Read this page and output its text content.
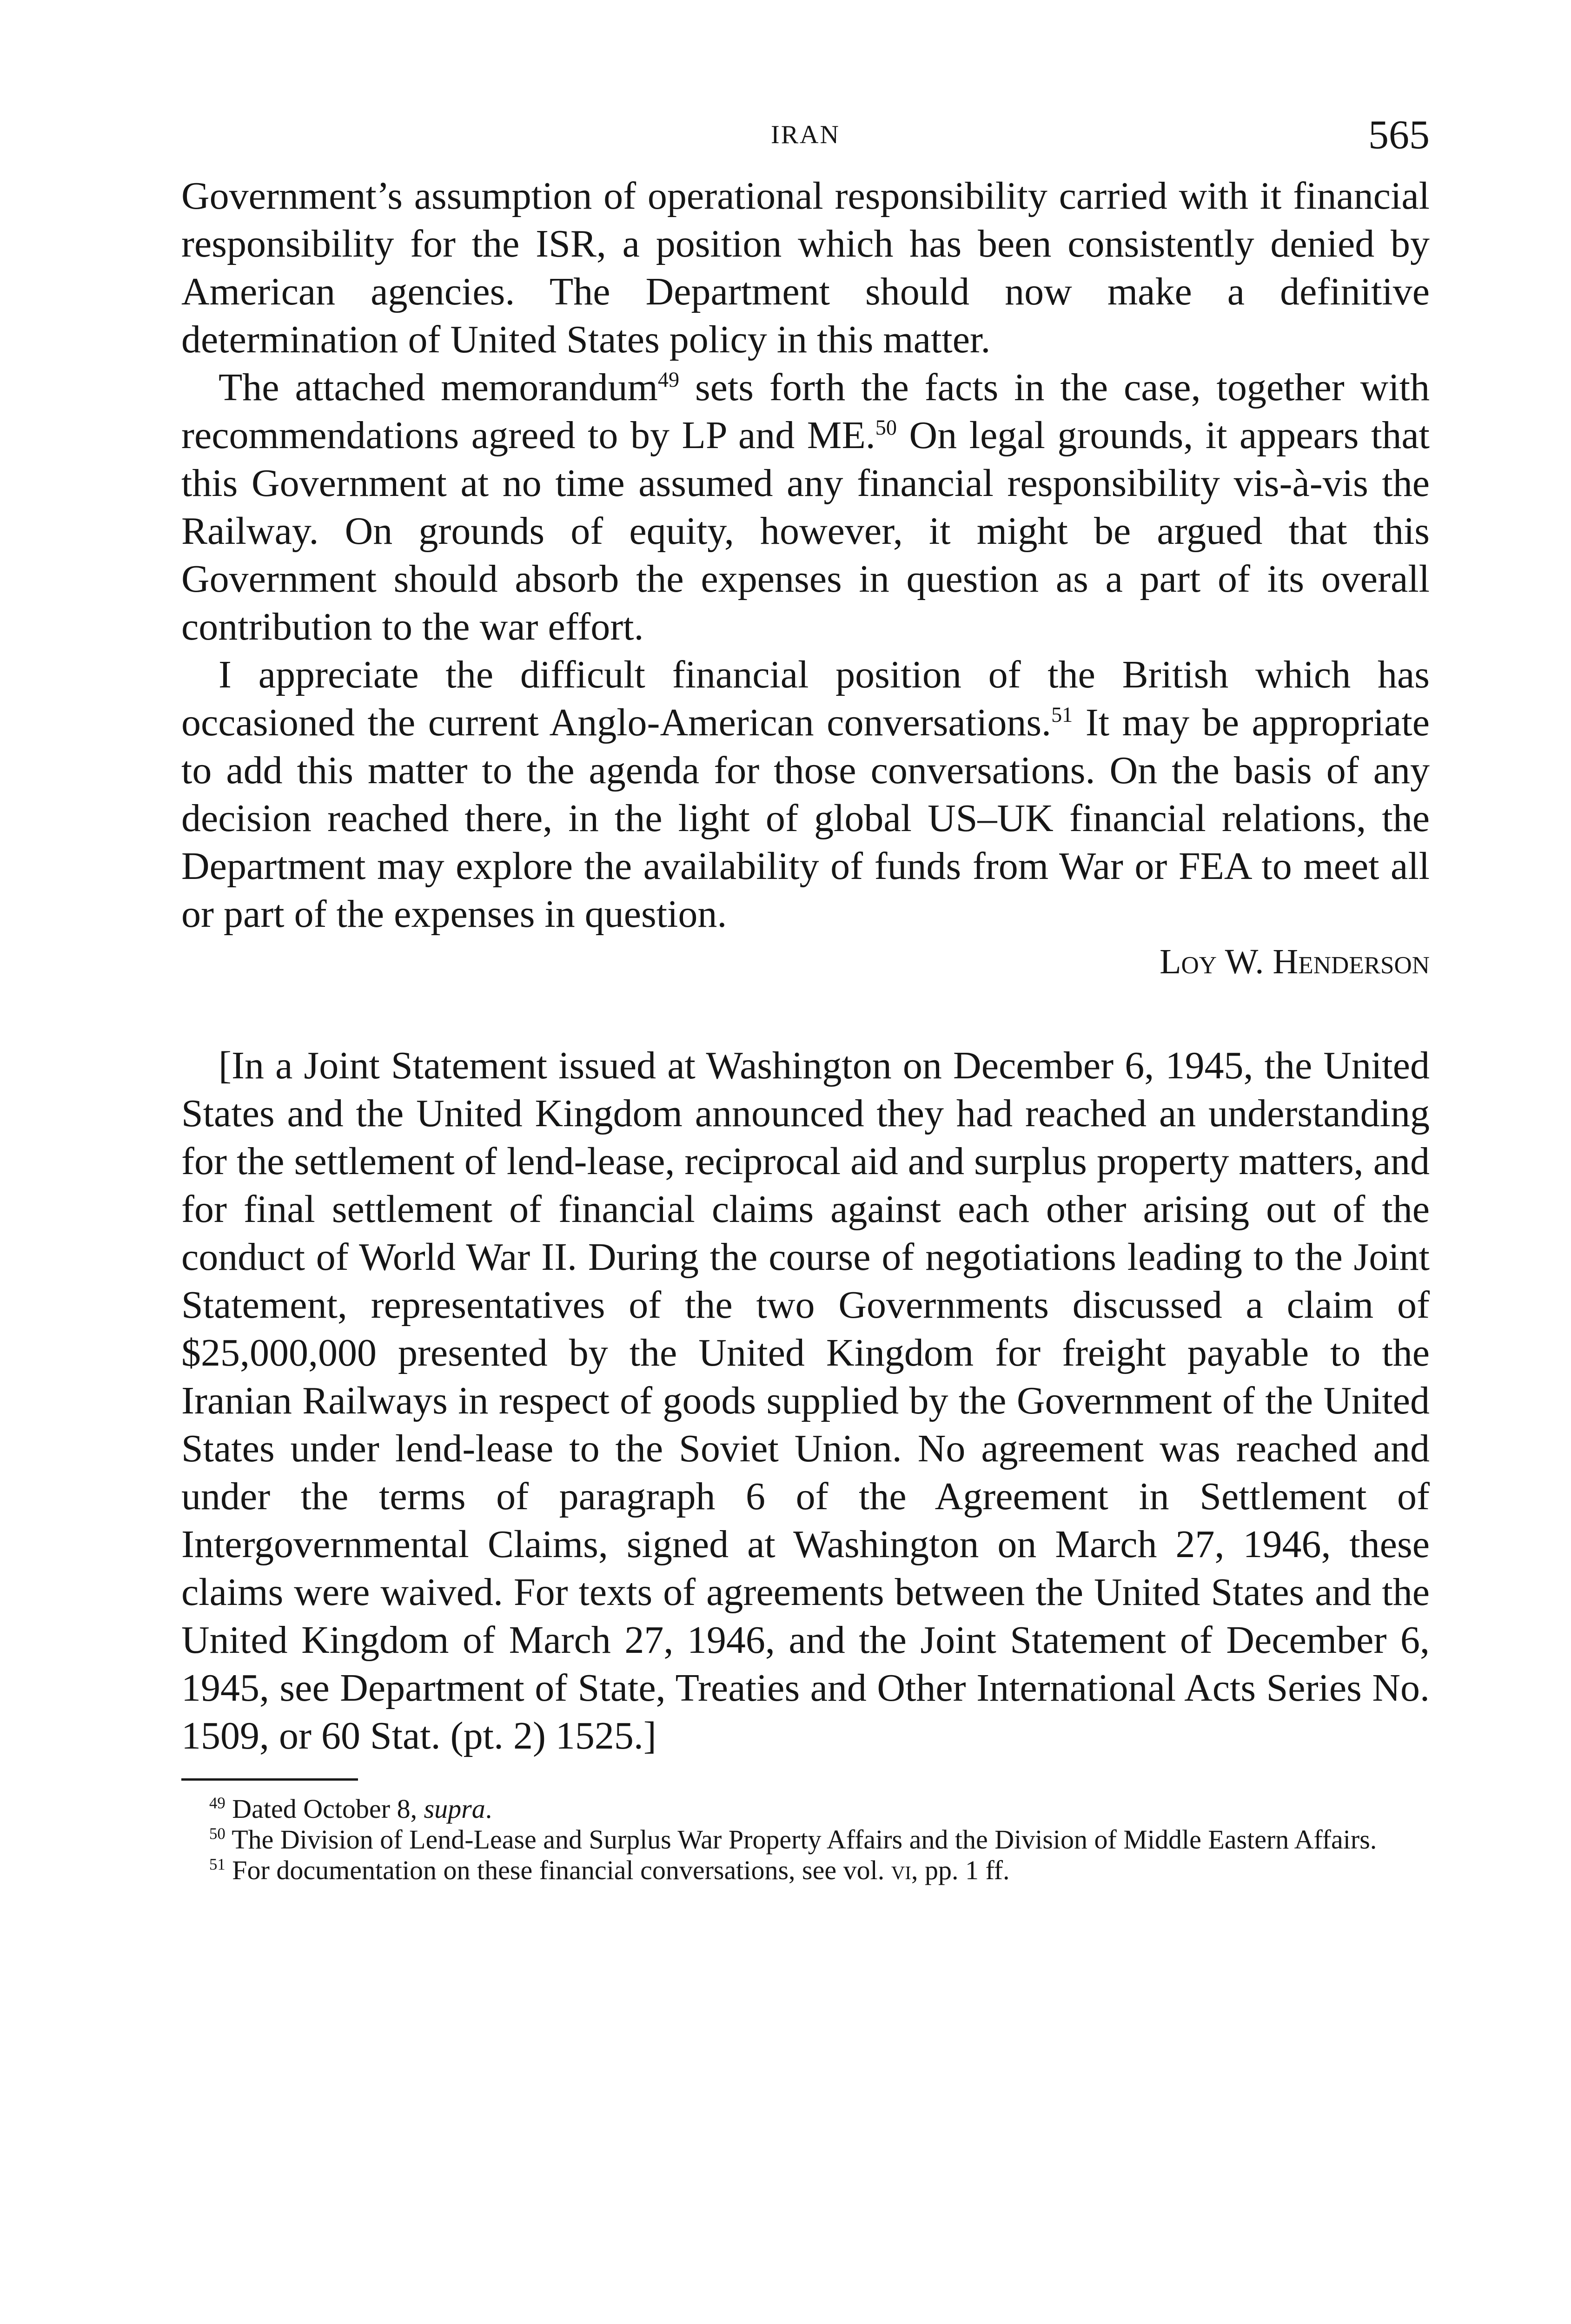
IRAN	565

Government’s assumption of operational responsibility carried with it financial responsibility for the ISR, a position which has been consistently denied by American agencies. The Department should now make a definitive determination of United States policy in this matter.

The attached memorandum$^{49}$ sets forth the facts in the case, together with recommendations agreed to by LP and ME.$^{50}$ On legal grounds, it appears that this Government at no time assumed any financial responsibility vis-à-vis the Railway. On grounds of equity, however, it might be argued that this Government should absorb the expenses in question as a part of its overall contribution to the war effort.

I appreciate the difficult financial position of the British which has occasioned the current Anglo-American conversations.$^{51}$ It may be appropriate to add this matter to the agenda for those conversations. On the basis of any decision reached there, in the light of global US–UK financial relations, the Department may explore the availability of funds from War or FEA to meet all or part of the expenses in question.

Loy W. Henderson

[In a Joint Statement issued at Washington on December 6, 1945, the United States and the United Kingdom announced they had reached an understanding for the settlement of lend-lease, reciprocal aid and surplus property matters, and for final settlement of financial claims against each other arising out of the conduct of World War II. During the course of negotiations leading to the Joint Statement, representatives of the two Governments discussed a claim of $25,000,000 presented by the United Kingdom for freight payable to the Iranian Railways in respect of goods supplied by the Government of the United States under lend-lease to the Soviet Union. No agreement was reached and under the terms of paragraph 6 of the Agreement in Settlement of Intergovernmental Claims, signed at Washington on March 27, 1946, these claims were waived. For texts of agreements between the United States and the United Kingdom of March 27, 1946, and the Joint Statement of December 6, 1945, see Department of State, Treaties and Other International Acts Series No. 1509, or 60 Stat. (pt. 2) 1525.]

$^{49}$ Dated October 8, supra.

$^{50}$ The Division of Lend-Lease and Surplus War Property Affairs and the Division of Middle Eastern Affairs.

$^{51}$ For documentation on these financial conversations, see vol. vi, pp. 1 ff.
